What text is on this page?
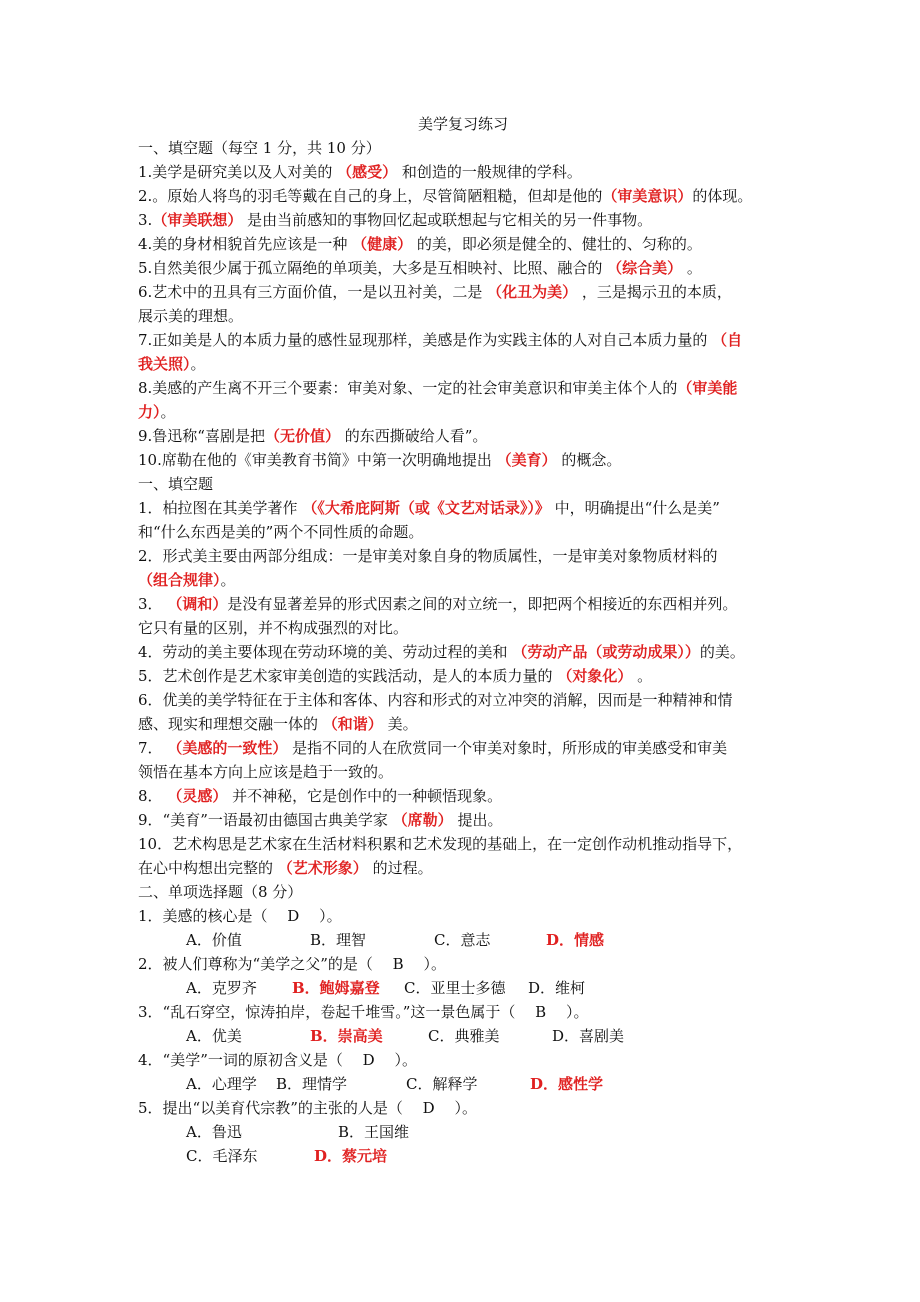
美学复习练习

一、填空题（每空 1 分，共 10 分）

1.美学是研究美以及人对美的 （感受） 和创造的一般规律的学科。

2.。原始人将鸟的羽毛等戴在自己的身上，尽管简陋粗糙，但却是他的（审美意识）的体现。

3.（审美联想） 是由当前感知的事物回忆起或联想起与它相关的另一件事物。

4.美的身材相貌首先应该是一种 （健康） 的美，即必须是健全的、健壮的、匀称的。

5.自然美很少属于孤立隔绝的单项美，大多是互相映衬、比照、融合的 （综合美） 。

6.艺术中的丑具有三方面价值，一是以丑衬美，二是 （化丑为美） ，三是揭示丑的本质，

展示美的理想。

7.正如美是人的本质力量的感性显现那样，美感是作为实践主体的人对自己本质力量的 （自

我关照）。

8.美感的产生离不开三个要素：审美对象、一定的社会审美意识和审美主体个人的（审美能

力）。

9.鲁迅称“喜剧是把（无价值） 的东西撕破给人看”。

10.席勒在他的《审美教育书简》中第一次明确地提出 （美育） 的概念。

一、填空题

1．柏拉图在其美学著作 （《大希庇阿斯（或《文艺对话录》）》 中，明确提出“什么是美”

和“什么东西是美的”两个不同性质的命题。

2．形式美主要由两部分组成：一是审美对象自身的物质属性，一是审美对象物质材料的

（组合规律）。

3． （调和）是没有显著差异的形式因素之间的对立统一，即把两个相接近的东西相并列。

它只有量的区别，并不构成强烈的对比。

4．劳动的美主要体现在劳动环境的美、劳动过程的美和 （劳动产品（或劳动成果））的美。

5．艺术创作是艺术家审美创造的实践活动，是人的本质力量的 （对象化） 。

6．优美的美学特征在于主体和客体、内容和形式的对立冲突的消解，因而是一种精神和情

感、现实和理想交融一体的 （和谐） 美。

7． （美感的一致性） 是指不同的人在欣赏同一个审美对象时，所形成的审美感受和审美

领悟在基本方向上应该是趋于一致的。

8． （灵感） 并不神秘，它是创作中的一种顿悟现象。

9．“美育”一语最初由德国古典美学家 （席勒） 提出。

10．艺术构思是艺术家在生活材料积累和艺术发现的基础上，在一定创作动机推动指导下，

在心中构想出完整的 （艺术形象） 的过程。

二、单项选择题（8 分）

1．美感的核心是（　 D　 ）。

A．价值	B．理智	C．意志	D．情感

2．被人们尊称为“美学之父”的是（　 B　 ）。

A．克罗齐 B．鲍姆嘉登 C．亚里士多德 D．维柯

3．“乱石穿空，惊涛拍岸，卷起千堆雪。”这一景色属于（　 B　 ）。

A．优美	B．崇高美	C．典雅美	D．喜剧美

4．“美学”一词的原初含义是（　 D　 ）。

A．心理学 B．理情学	C．解释学	D．感性学

5．提出“以美育代宗教”的主张的人是（　 D　 ）。

A．鲁迅	B．王国维

C．毛泽东	D．蔡元培
